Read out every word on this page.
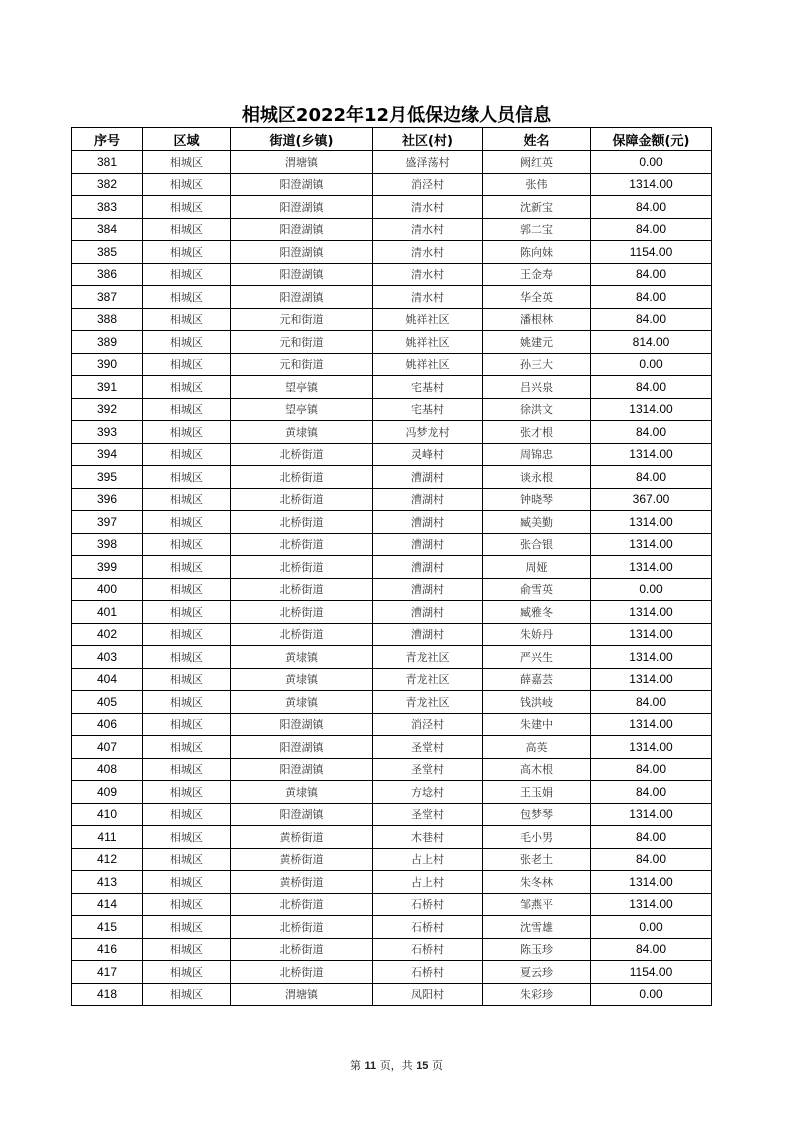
相城区2022年12月低保边缘人员信息
序号	区域	街道(乡镇)	社区(村)	姓名	保障金额(元)
381	相城区	渭塘镇	盛泽荡村	阙红英	0.00
382	相城区	阳澄湖镇	消泾村	张伟	1314.00
383	相城区	阳澄湖镇	清水村	沈新宝	84.00
384	相城区	阳澄湖镇	清水村	郭二宝	84.00
385	相城区	阳澄湖镇	清水村	陈向妹	1154.00
386	相城区	阳澄湖镇	清水村	王金寿	84.00
387	相城区	阳澄湖镇	清水村	华全英	84.00
388	相城区	元和街道	姚祥社区	潘根林	84.00
389	相城区	元和街道	姚祥社区	姚建元	814.00
390	相城区	元和街道	姚祥社区	孙三大	0.00
391	相城区	望亭镇	宅基村	吕兴泉	84.00
392	相城区	望亭镇	宅基村	徐洪文	1314.00
393	相城区	黄埭镇	冯梦龙村	张才根	84.00
394	相城区	北桥街道	灵峰村	周锦忠	1314.00
395	相城区	北桥街道	漕湖村	谈永根	84.00
396	相城区	北桥街道	漕湖村	钟晓琴	367.00
397	相城区	北桥街道	漕湖村	臧美勤	1314.00
398	相城区	北桥街道	漕湖村	张合银	1314.00
399	相城区	北桥街道	漕湖村	周娅	1314.00
400	相城区	北桥街道	漕湖村	俞雪英	0.00
401	相城区	北桥街道	漕湖村	臧雅冬	1314.00
402	相城区	北桥街道	漕湖村	朱娇丹	1314.00
403	相城区	黄埭镇	青龙社区	严兴生	1314.00
404	相城区	黄埭镇	青龙社区	薛嘉芸	1314.00
405	相城区	黄埭镇	青龙社区	钱洪岐	84.00
406	相城区	阳澄湖镇	消泾村	朱建中	1314.00
407	相城区	阳澄湖镇	圣堂村	高英	1314.00
408	相城区	阳澄湖镇	圣堂村	高木根	84.00
409	相城区	黄埭镇	方埝村	王玉娟	84.00
410	相城区	阳澄湖镇	圣堂村	包梦琴	1314.00
411	相城区	黄桥街道	木巷村	毛小男	84.00
412	相城区	黄桥街道	占上村	张老土	84.00
413	相城区	黄桥街道	占上村	朱冬林	1314.00
414	相城区	北桥街道	石桥村	邹燕平	1314.00
415	相城区	北桥街道	石桥村	沈雪雄	0.00
416	相城区	北桥街道	石桥村	陈玉珍	84.00
417	相城区	北桥街道	石桥村	夏云珍	1154.00
418	相城区	渭塘镇	凤阳村	朱彩珍	0.00
第 11 页，共 15 页
